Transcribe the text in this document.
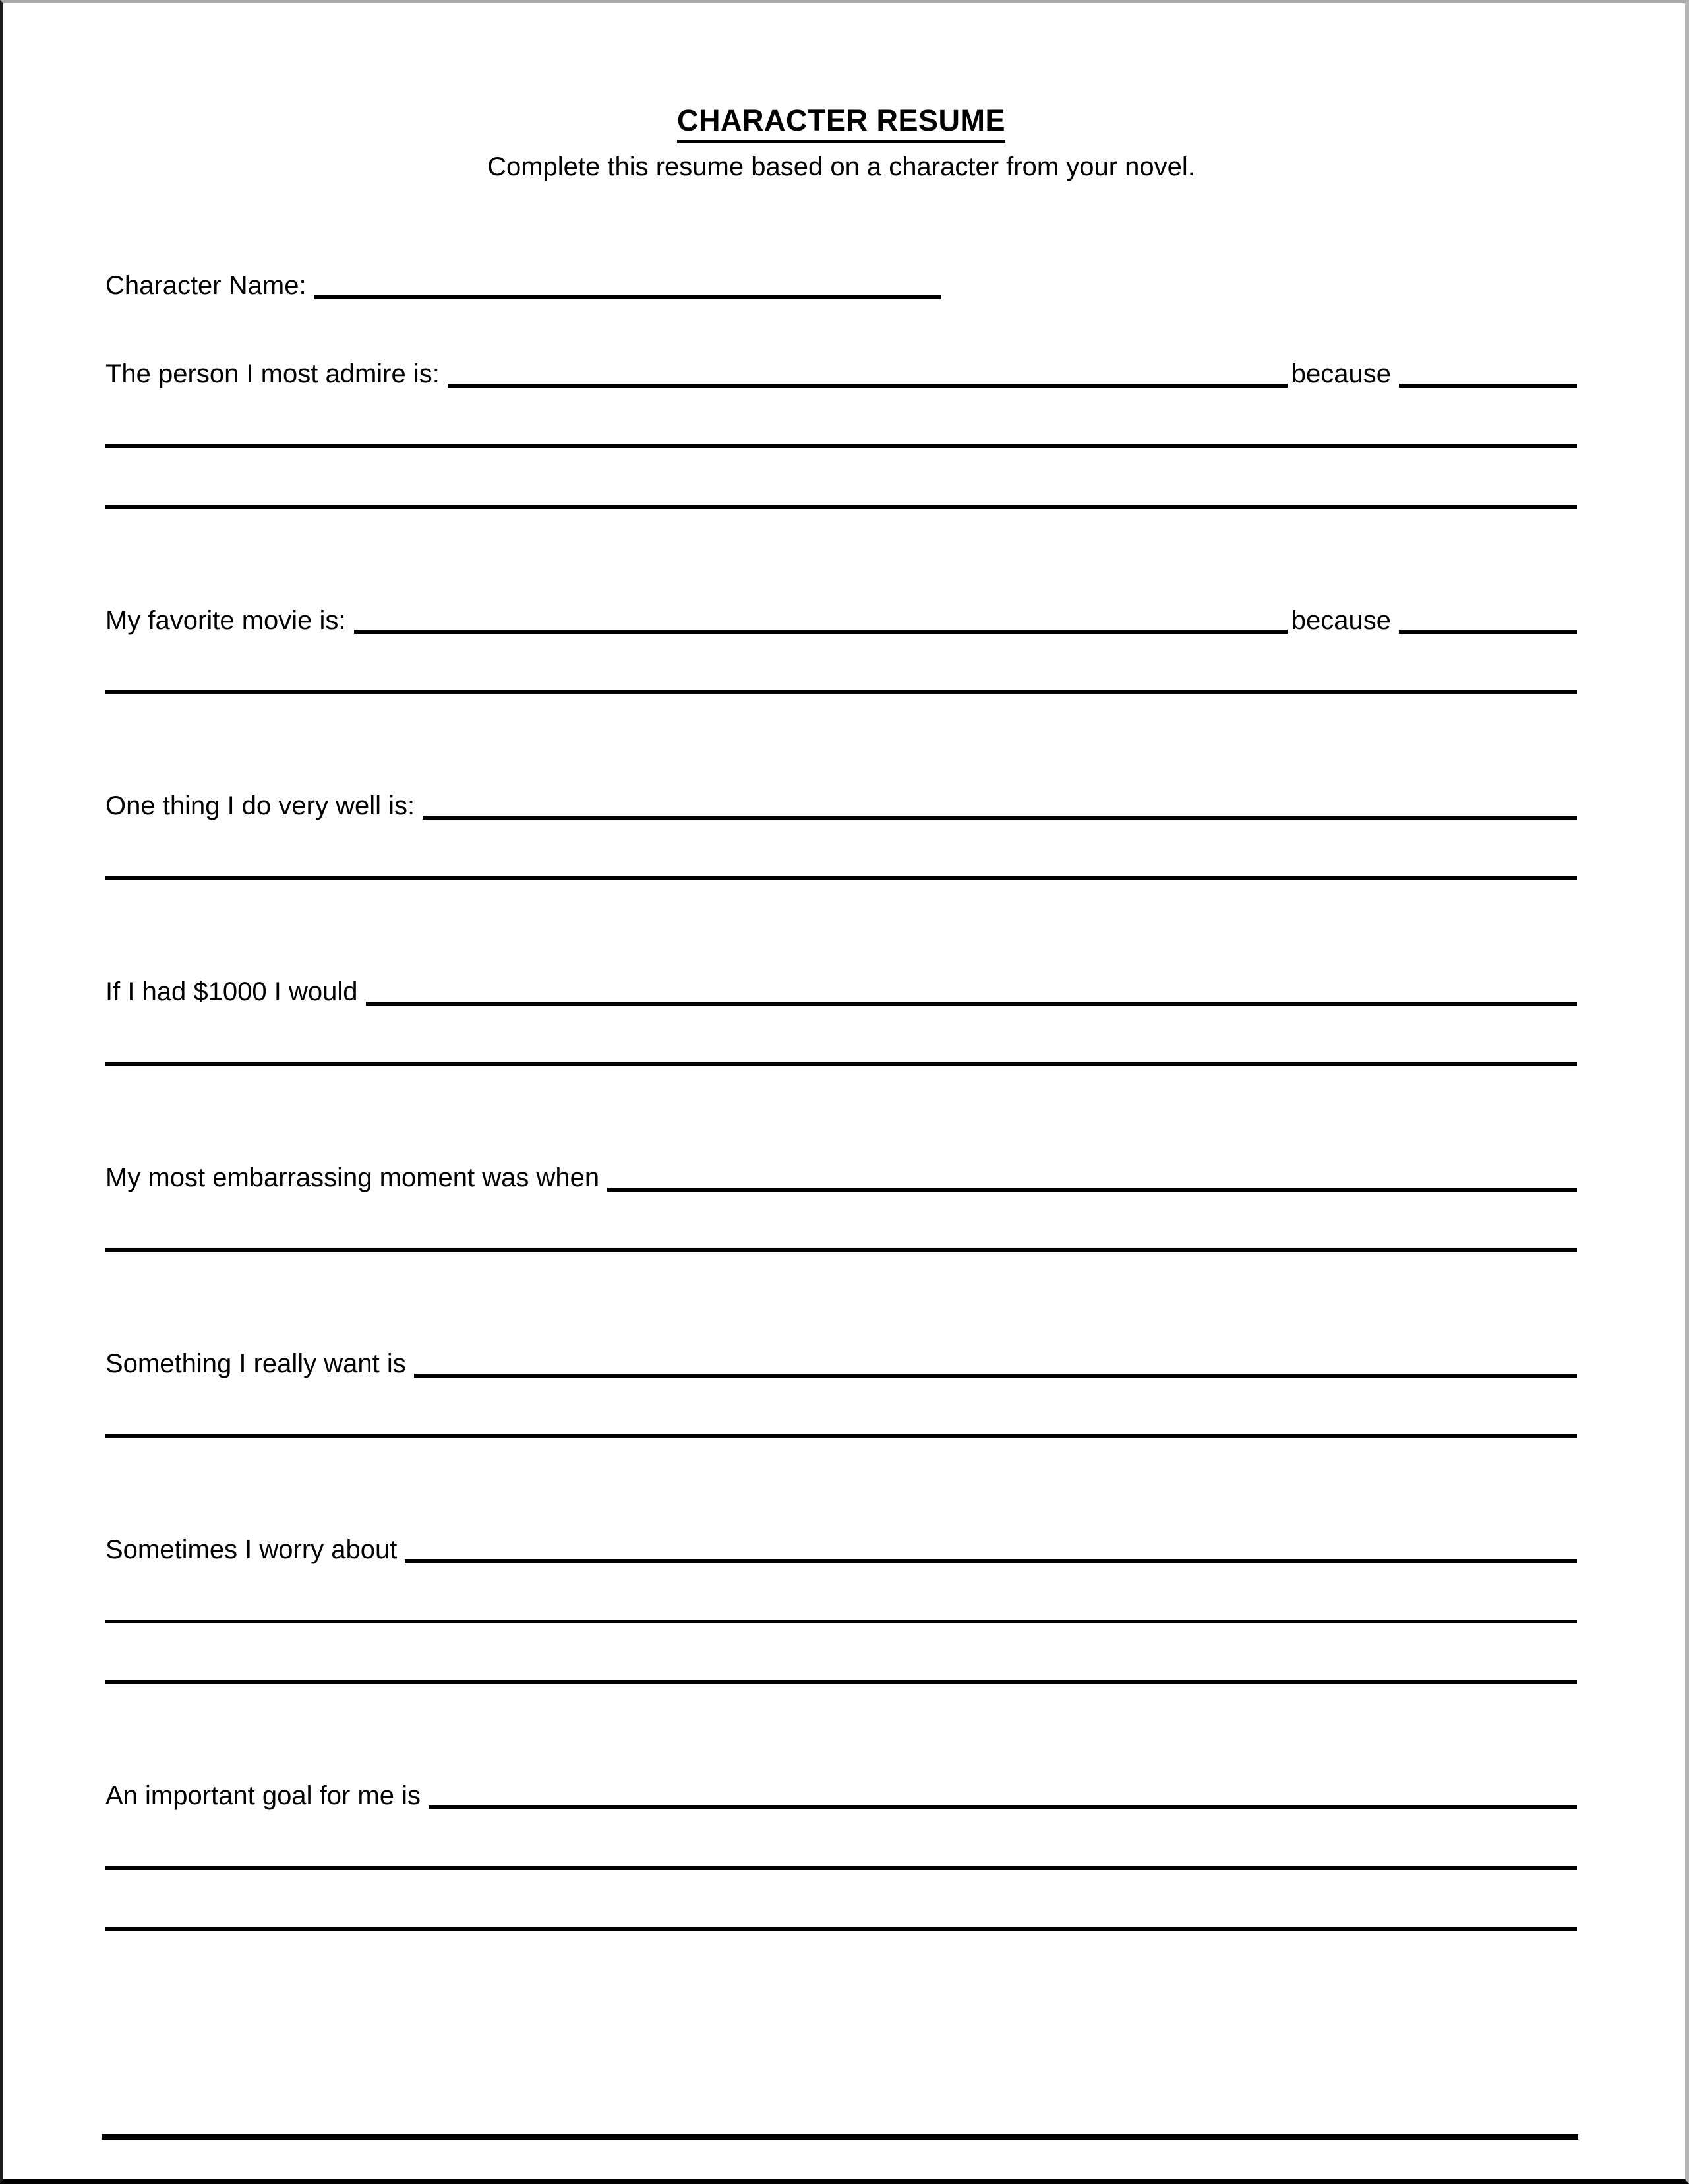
CHARACTER RESUME
Complete this resume based on a character from your novel.
Character Name:
The person I most admire is:	because
My favorite movie is:	because
One thing I do very well is:
If I had $1000 I would
My most embarrassing moment was when
Something I really want is
Sometimes I worry about
An important goal for me is
